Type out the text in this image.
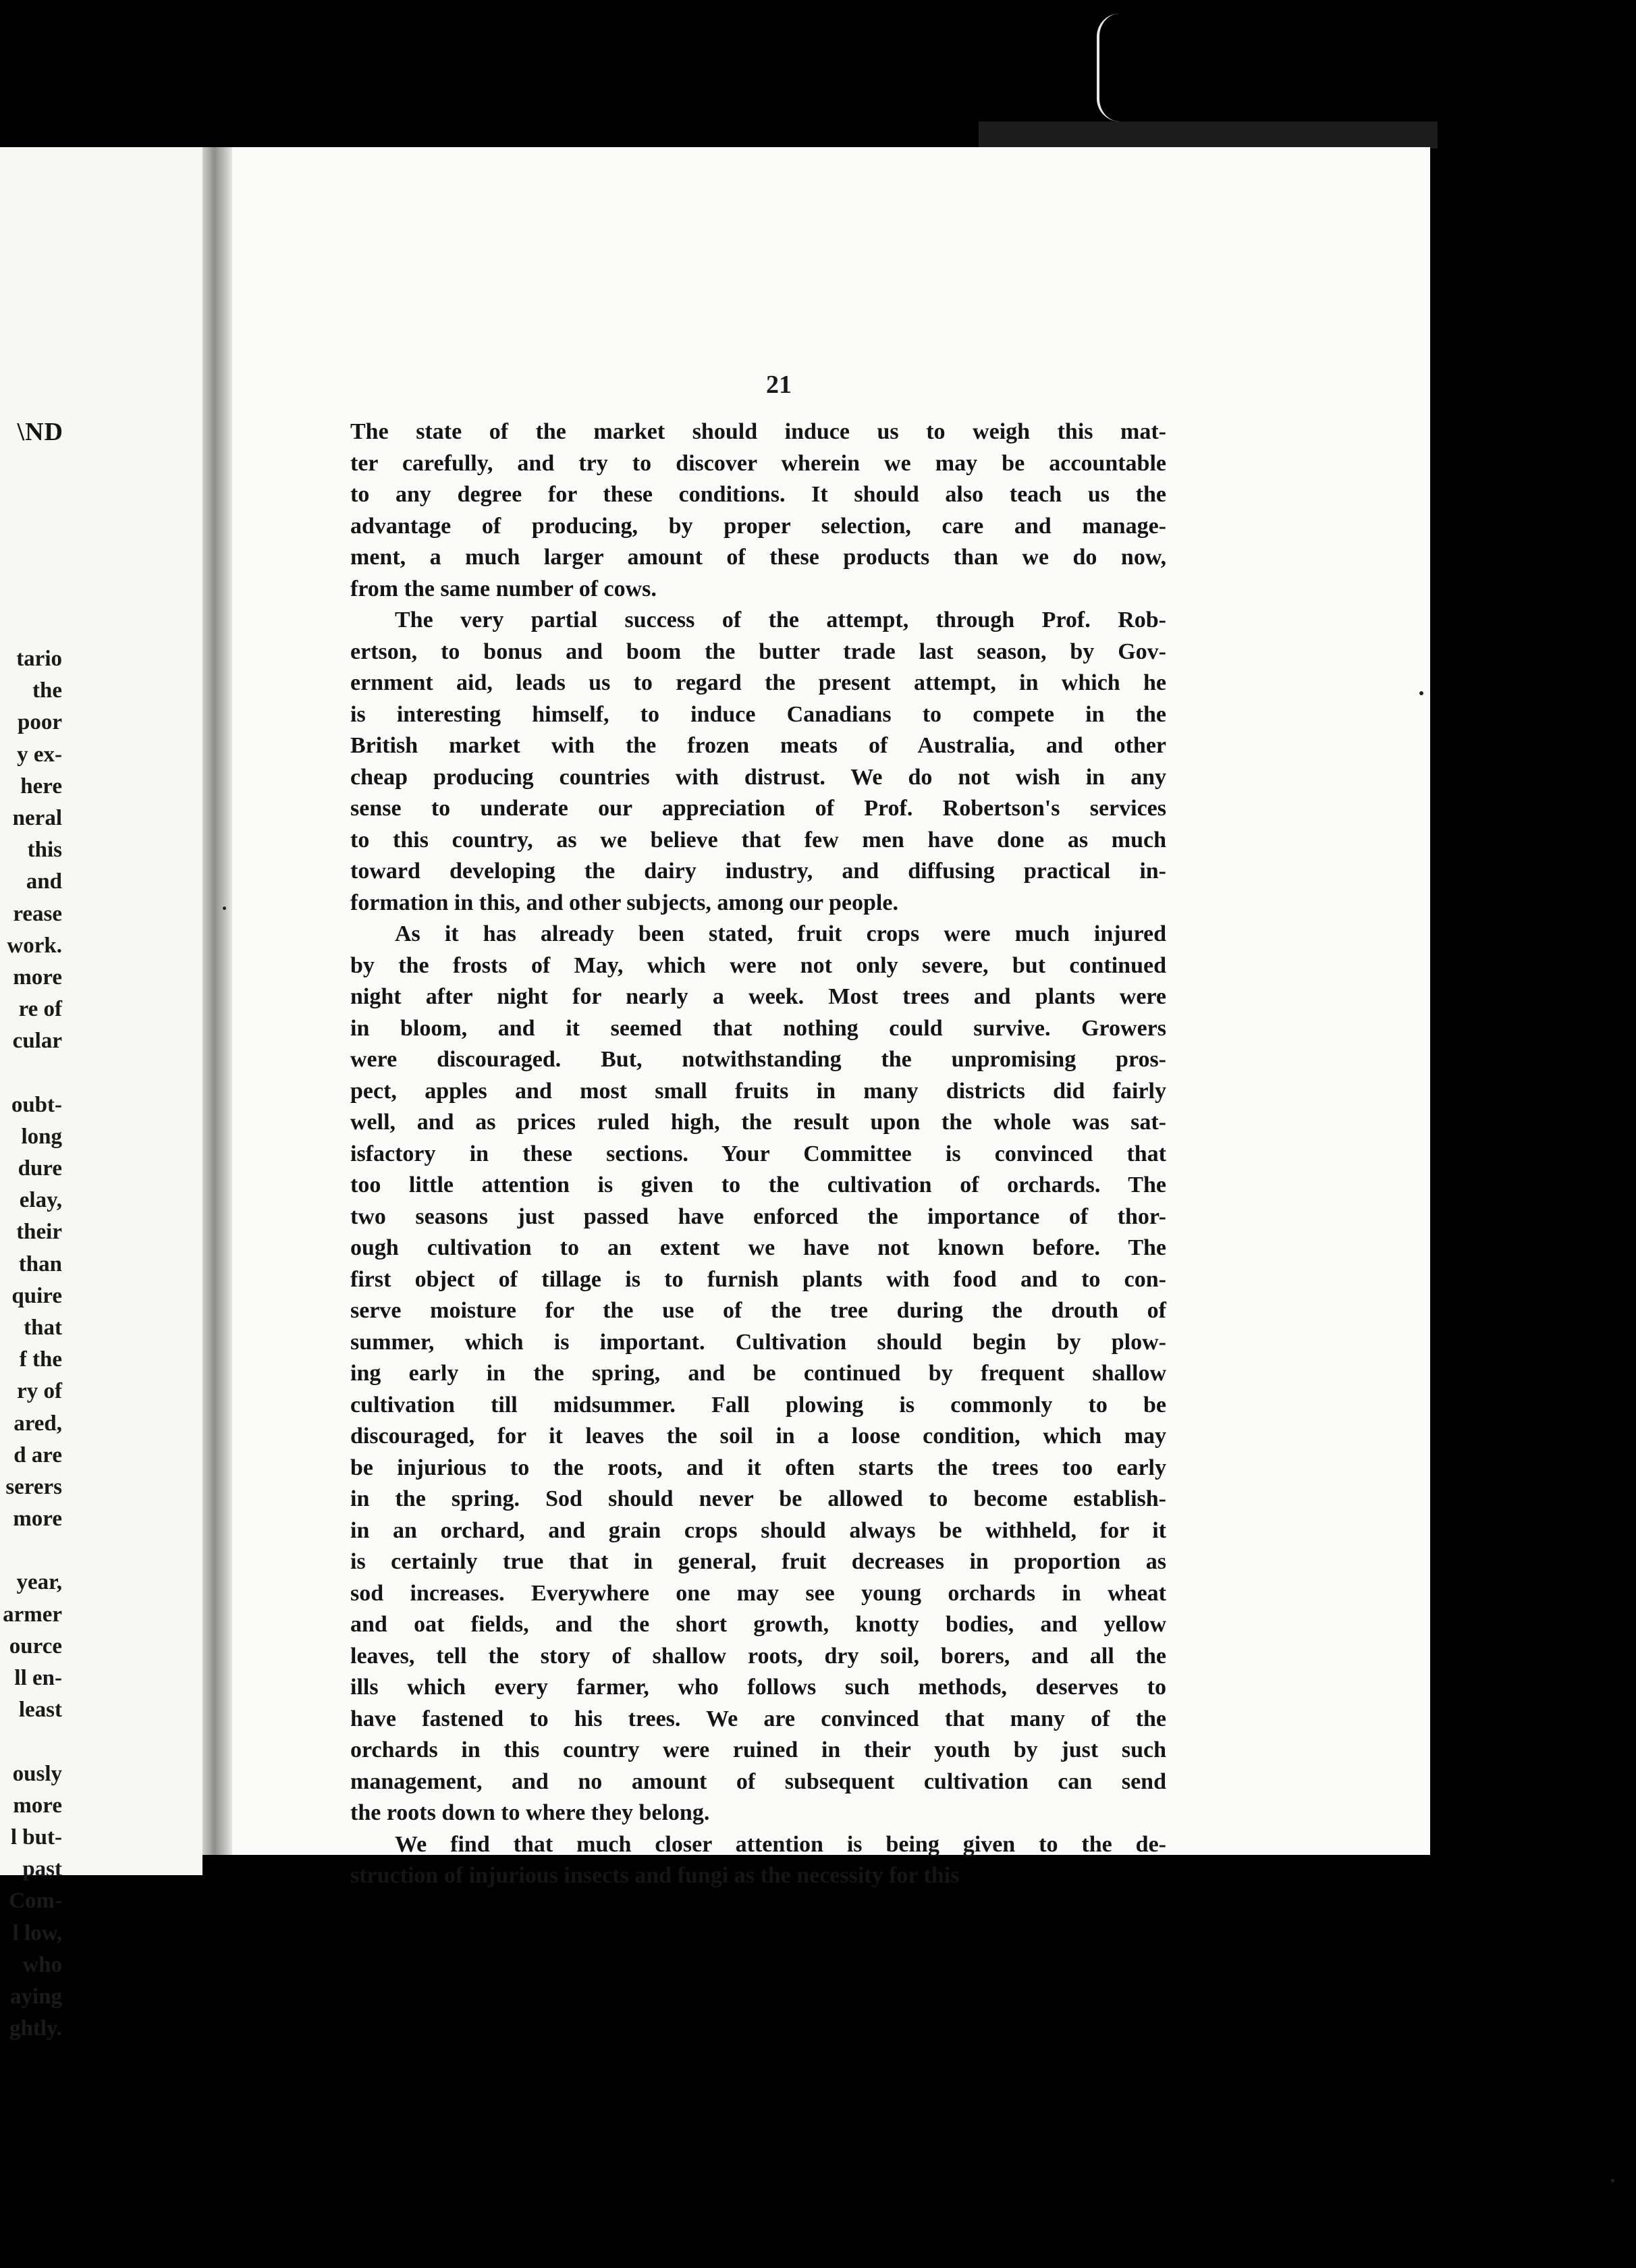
\ND
tario
the
poor
y ex-
here
neral
this
and
rease
work.
more
re of
cular
oubt-
long
dure
elay,
their
than
quire
that
f the
ry of
ared,
d are
serers
more
year,
armer
ource
ll en-
least
ously
more
l but-
past
Com-
l low,
who
aying
ghtly.
21
The state of the market should induce us to weigh this mat-
ter carefully, and try to discover wherein we may be accountable
to any degree for these conditions. It should also teach us the
advantage of producing, by proper selection, care and manage-
ment, a much larger amount of these products than we do now,
from the same number of cows.
The very partial success of the attempt, through Prof. Rob-
ertson, to bonus and boom the butter trade last season, by Gov-
ernment aid, leads us to regard the present attempt, in which he
is interesting himself, to induce Canadians to compete in the
British market with the frozen meats of Australia, and other
cheap producing countries with distrust. We do not wish in any
sense to underate our appreciation of Prof. Robertson's services
to this country, as we believe that few men have done as much
toward developing the dairy industry, and diffusing practical in-
formation in this, and other subjects, among our people.
As it has already been stated, fruit crops were much injured
by the frosts of May, which were not only severe, but continued
night after night for nearly a week. Most trees and plants were
in bloom, and it seemed that nothing could survive. Growers
were discouraged. But, notwithstanding the unpromising pros-
pect, apples and most small fruits in many districts did fairly
well, and as prices ruled high, the result upon the whole was sat-
isfactory in these sections. Your Committee is convinced that
too little attention is given to the cultivation of orchards. The
two seasons just passed have enforced the importance of thor-
ough cultivation to an extent we have not known before. The
first object of tillage is to furnish plants with food and to con-
serve moisture for the use of the tree during the drouth of
summer, which is important. Cultivation should begin by plow-
ing early in the spring, and be continued by frequent shallow
cultivation till midsummer. Fall plowing is commonly to be
discouraged, for it leaves the soil in a loose condition, which may
be injurious to the roots, and it often starts the trees too early
in the spring. Sod should never be allowed to become establish-
in an orchard, and grain crops should always be withheld, for it
is certainly true that in general, fruit decreases in proportion as
sod increases. Everywhere one may see young orchards in wheat
and oat fields, and the short growth, knotty bodies, and yellow
leaves, tell the story of shallow roots, dry soil, borers, and all the
ills which every farmer, who follows such methods, deserves to
have fastened to his trees. We are convinced that many of the
orchards in this country were ruined in their youth by just such
management, and no amount of subsequent cultivation can send
the roots down to where they belong.
We find that much closer attention is being given to the de-
struction of injurious insects and fungi as the necessity for this
